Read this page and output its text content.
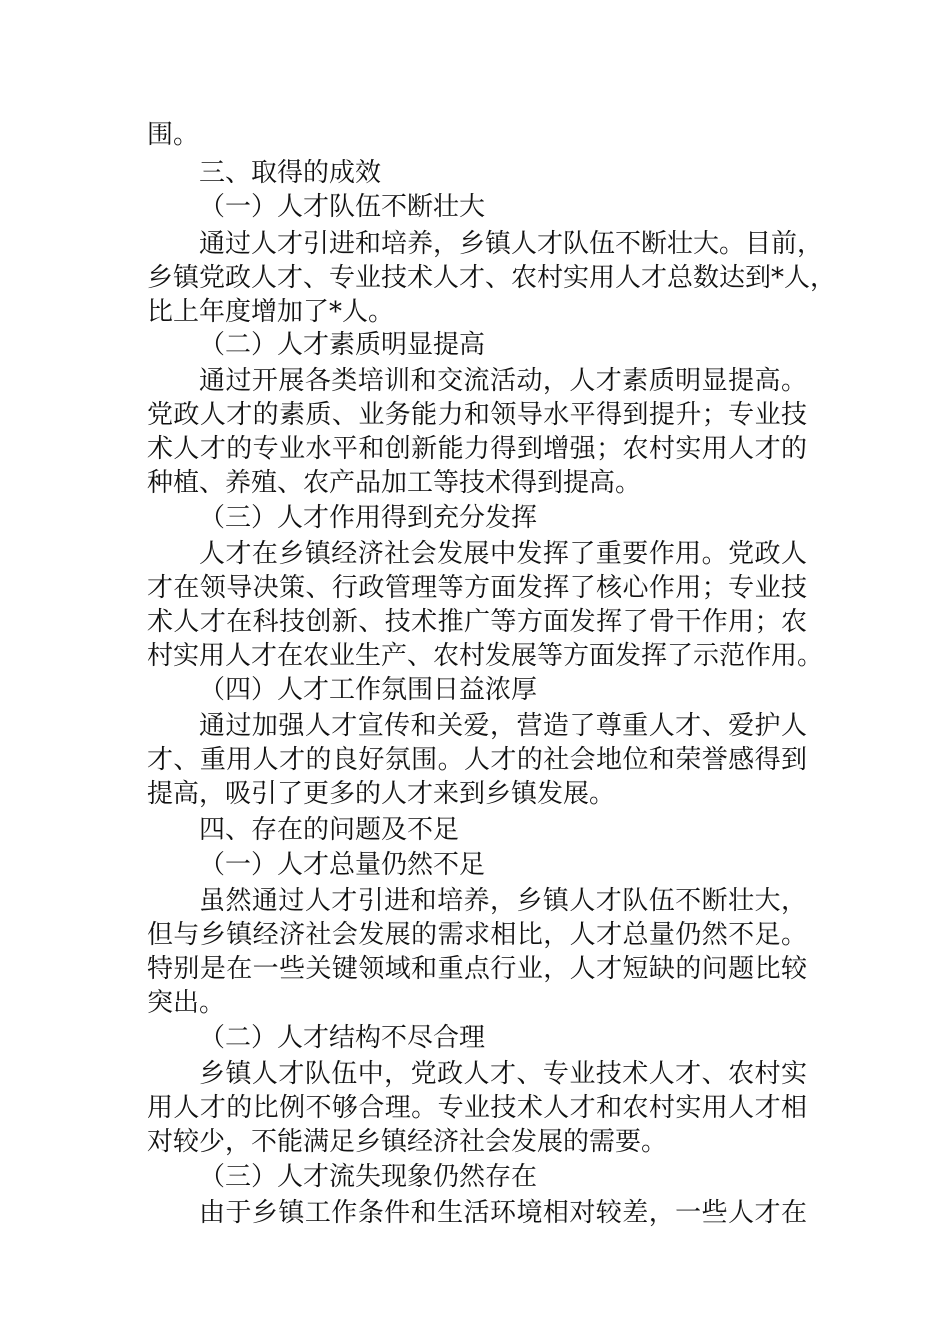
围。
三、取得的成效
（一）人才队伍不断壮大
通过人才引进和培养，乡镇人才队伍不断壮大。目前，
乡镇党政人才、专业技术人才、农村实用人才总数达到*人，
比上年度增加了*人。
（二）人才素质明显提高
通过开展各类培训和交流活动，人才素质明显提高。
党政人才的素质、业务能力和领导水平得到提升；专业技
术人才的专业水平和创新能力得到增强；农村实用人才的
种植、养殖、农产品加工等技术得到提高。
（三）人才作用得到充分发挥
人才在乡镇经济社会发展中发挥了重要作用。党政人
才在领导决策、行政管理等方面发挥了核心作用；专业技
术人才在科技创新、技术推广等方面发挥了骨干作用；农
村实用人才在农业生产、农村发展等方面发挥了示范作用。
（四）人才工作氛围日益浓厚
通过加强人才宣传和关爱，营造了尊重人才、爱护人
才、重用人才的良好氛围。人才的社会地位和荣誉感得到
提高，吸引了更多的人才来到乡镇发展。
四、存在的问题及不足
（一）人才总量仍然不足
虽然通过人才引进和培养，乡镇人才队伍不断壮大，
但与乡镇经济社会发展的需求相比，人才总量仍然不足。
特别是在一些关键领域和重点行业，人才短缺的问题比较
突出。
（二）人才结构不尽合理
乡镇人才队伍中，党政人才、专业技术人才、农村实
用人才的比例不够合理。专业技术人才和农村实用人才相
对较少，不能满足乡镇经济社会发展的需要。
（三）人才流失现象仍然存在
由于乡镇工作条件和生活环境相对较差，一些人才在
